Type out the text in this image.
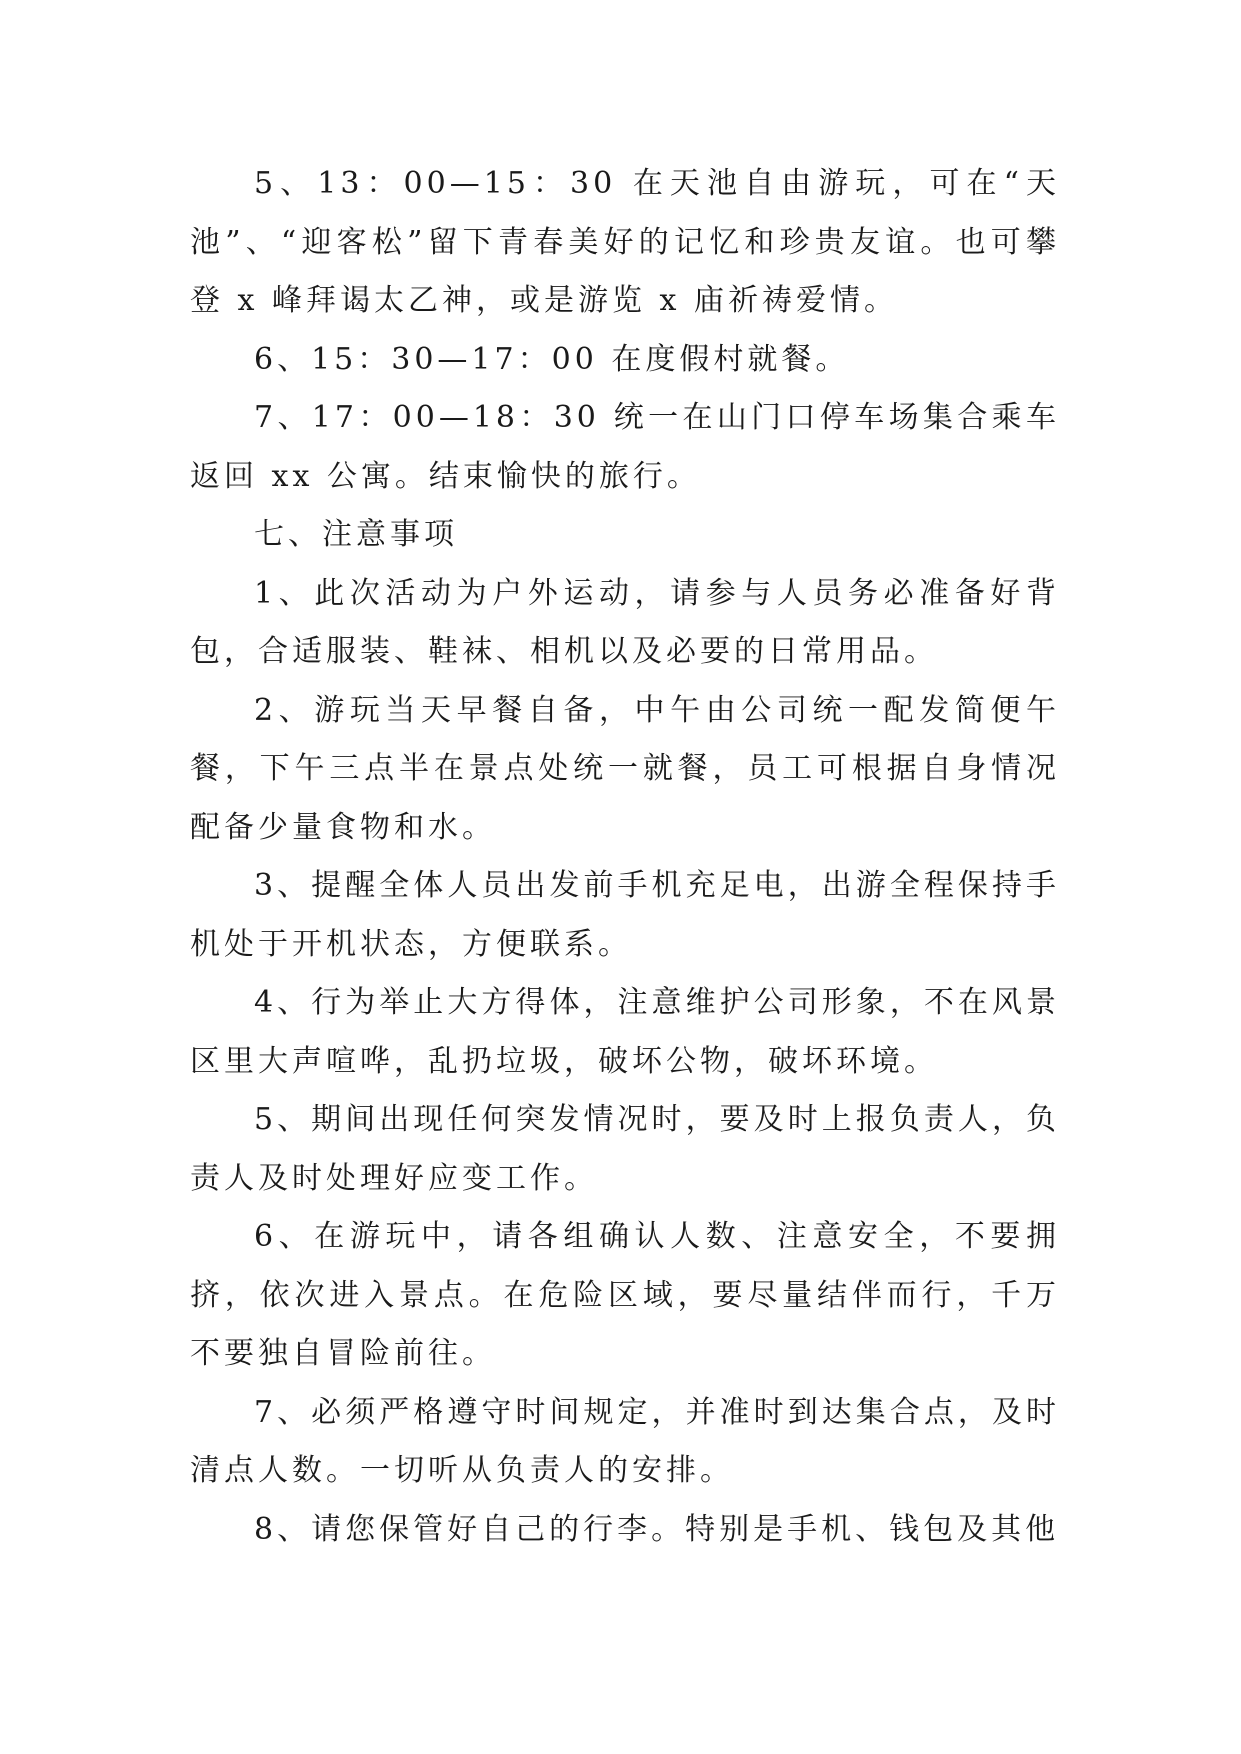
5、13：00—15：30 在天池自由游玩，可在“天池”、“迎客松”留下青春美好的记忆和珍贵友谊。也可攀登 x 峰拜谒太乙神，或是游览 x 庙祈祷爱情。

6、15：30—17：00 在度假村就餐。

7、17：00—18：30 统一在山门口停车场集合乘车返回 xx 公寓。结束愉快的旅行。

七、注意事项

1、此次活动为户外运动，请参与人员务必准备好背包，合适服装、鞋袜、相机以及必要的日常用品。

2、游玩当天早餐自备，中午由公司统一配发简便午餐，下午三点半在景点处统一就餐，员工可根据自身情况配备少量食物和水。

3、提醒全体人员出发前手机充足电，出游全程保持手机处于开机状态，方便联系。

4、行为举止大方得体，注意维护公司形象，不在风景区里大声喧哗，乱扔垃圾，破坏公物，破坏环境。

5、期间出现任何突发情况时，要及时上报负责人，负责人及时处理好应变工作。

6、在游玩中，请各组确认人数、注意安全，不要拥挤，依次进入景点。在危险区域，要尽量结伴而行，千万不要独自冒险前往。

7、必须严格遵守时间规定，并准时到达集合点，及时清点人数。一切听从负责人的安排。

8、请您保管好自己的行李。特别是手机、钱包及其他
